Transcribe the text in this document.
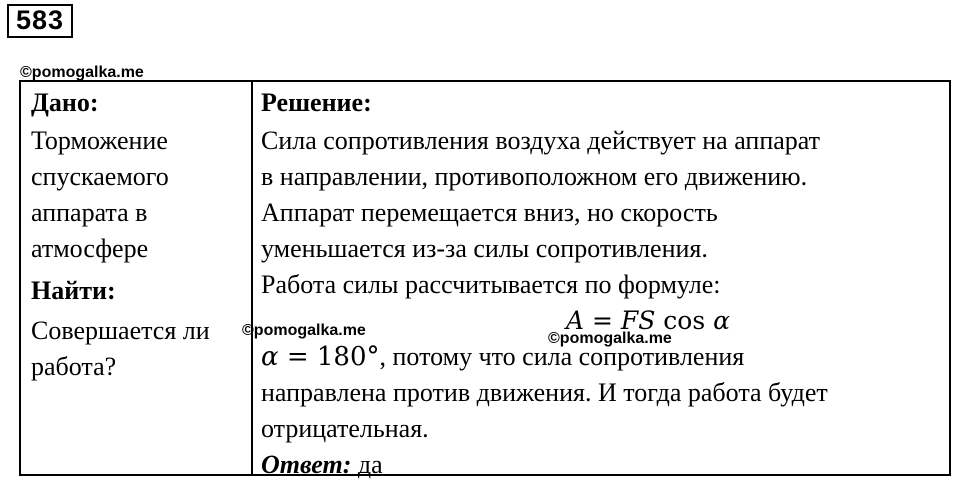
583
©pomogalka.me
Дано:
Торможение
спускаемого
аппарата в
атмосфере
Найти:
Совершается ли
работа?
Решение:
Сила сопротивления воздуха действует на аппарат
в направлении, противоположном его движению.
Аппарат перемещается вниз, но скорость
уменьшается из-за силы сопротивления.
Работа силы рассчитывается по формуле:
A = FS cos α
α = 180°, потому что сила сопротивления
направлена против движения. И тогда работа будет
отрицательная.
Ответ: да
©pomogalka.me	©pomogalka.me
